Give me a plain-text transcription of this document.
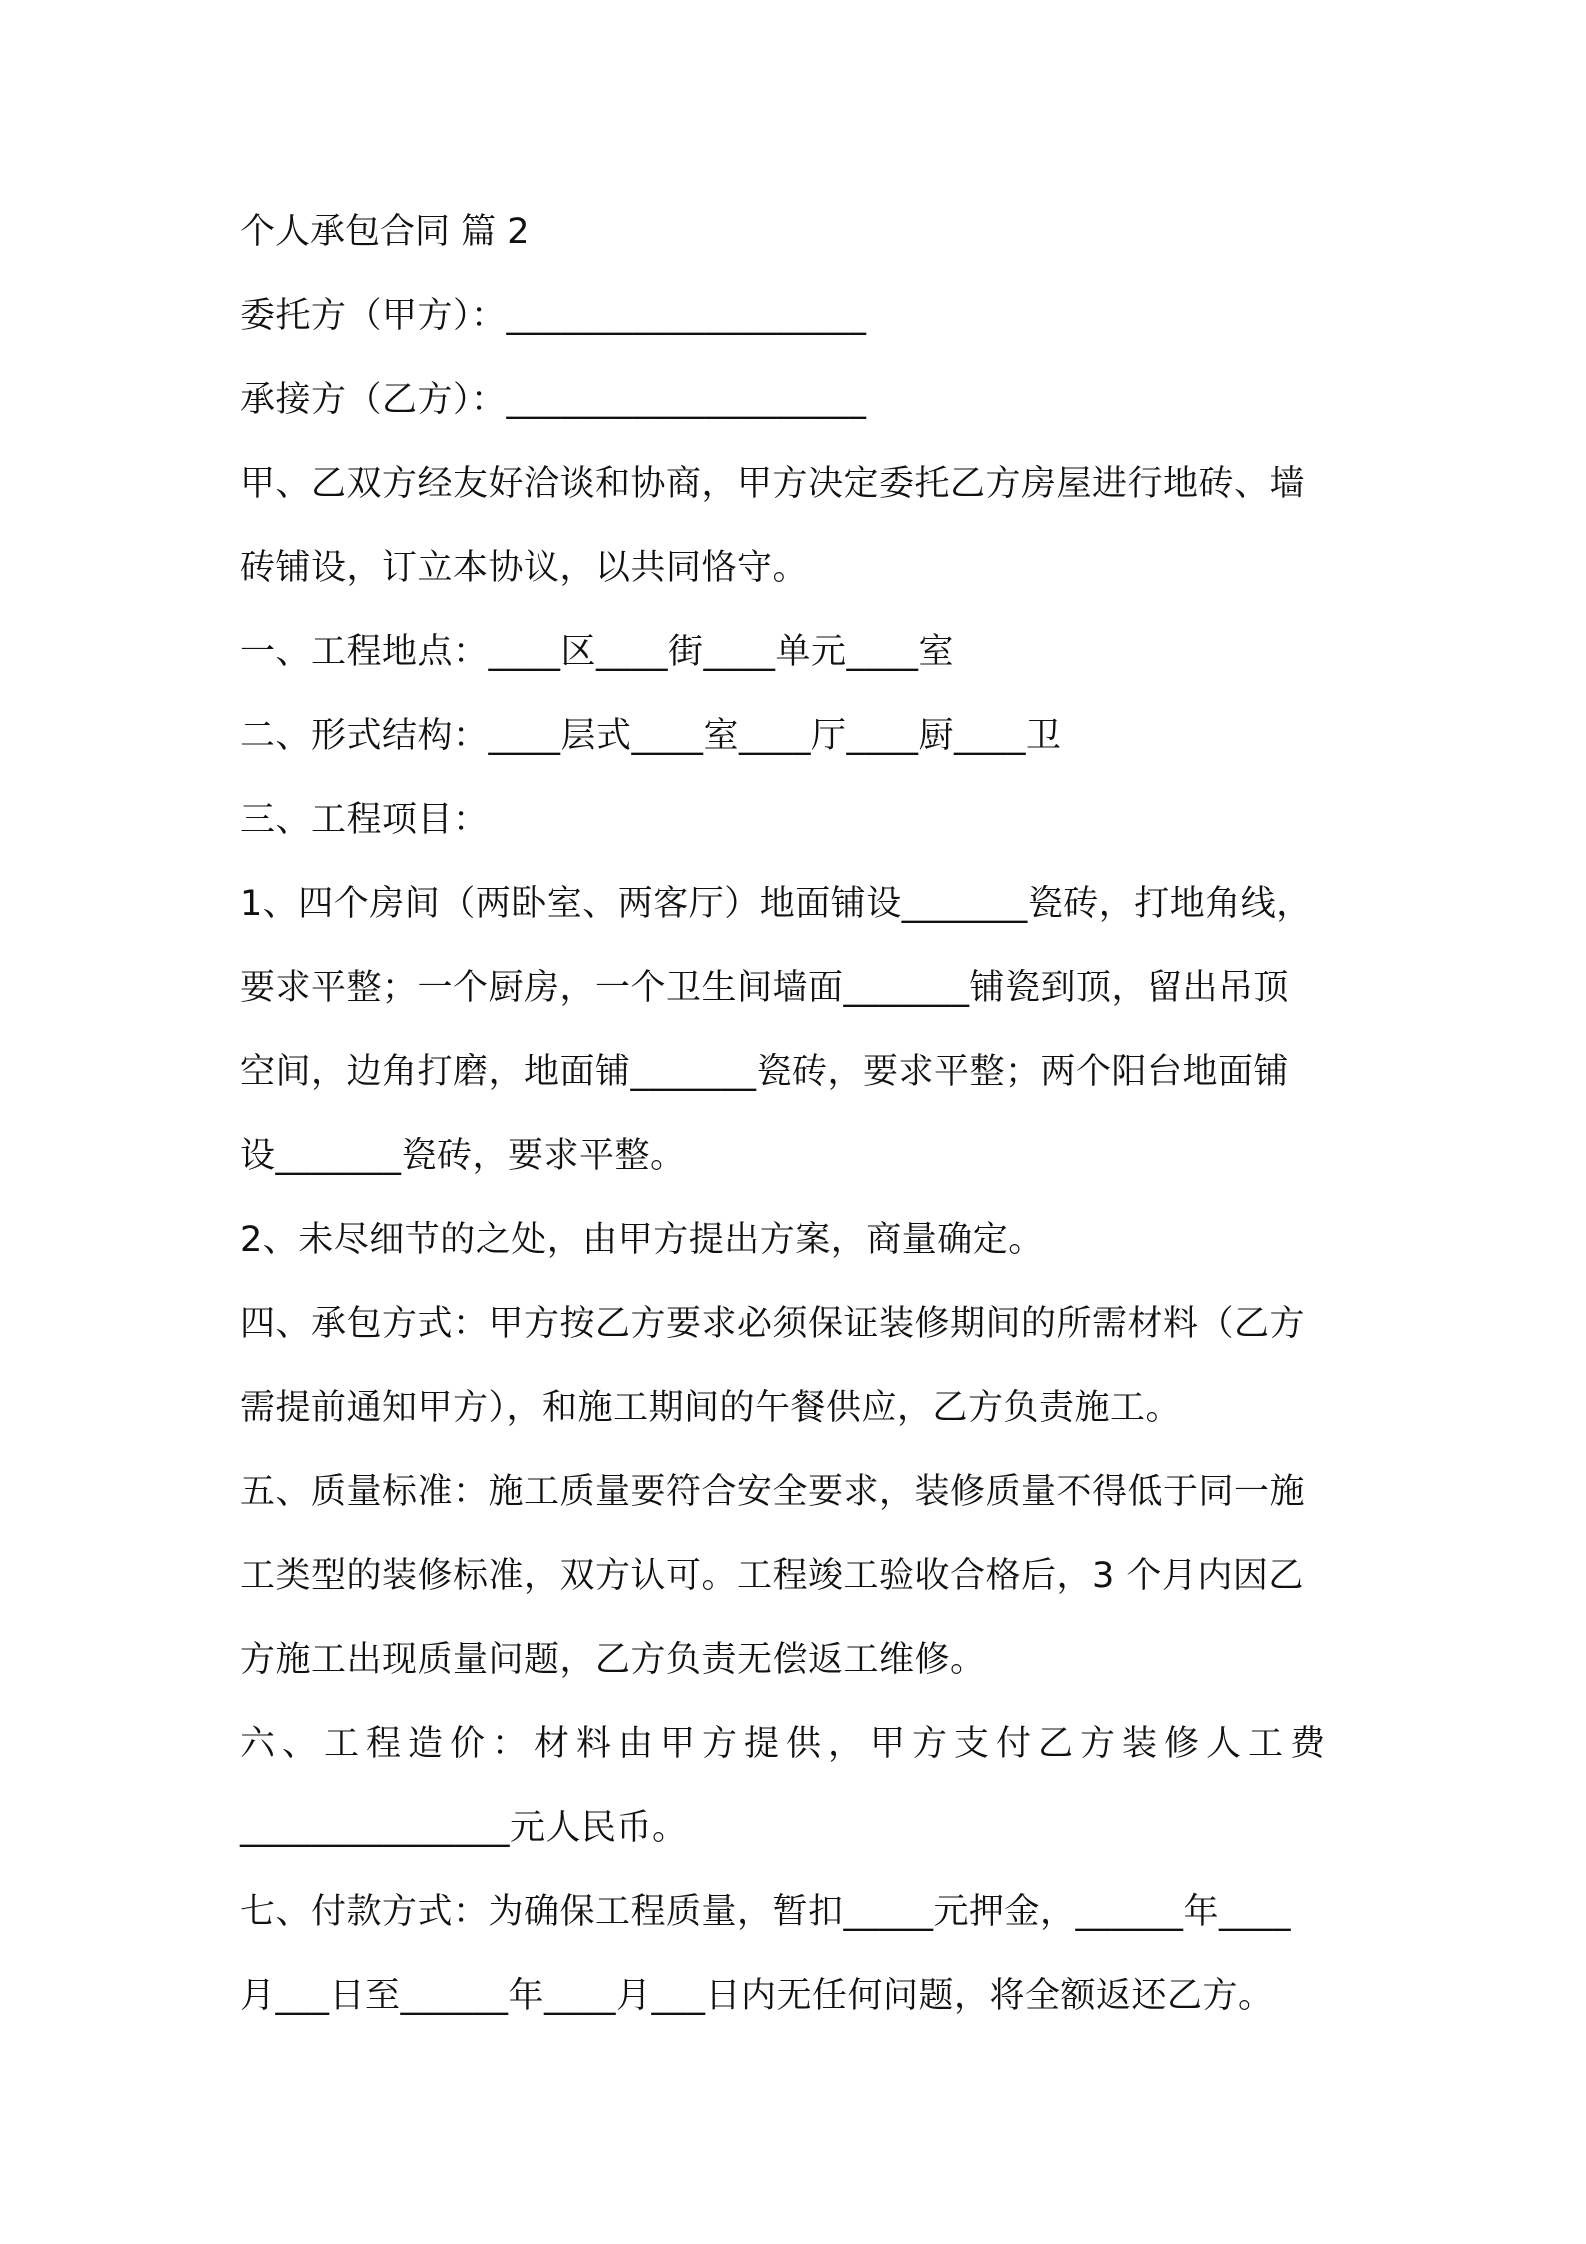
个人承包合同 篇 2
委托方（甲方）：____________________
承接方（乙方）：____________________
甲、乙双方经友好洽谈和协商，甲方决定委托乙方房屋进行地砖、墙
砖铺设，订立本协议，以共同恪守。
一、工程地点：____区____街____单元____室
二、形式结构：____层式____室____厅____厨____卫
三、工程项目：
1、四个房间（两卧室、两客厅）地面铺设_______瓷砖，打地角线，
要求平整；一个厨房，一个卫生间墙面_______铺瓷到顶，留出吊顶
空间，边角打磨，地面铺_______瓷砖，要求平整；两个阳台地面铺
设_______瓷砖，要求平整。
2、未尽细节的之处，由甲方提出方案，商量确定。
四、承包方式：甲方按乙方要求必须保证装修期间的所需材料（乙方
需提前通知甲方），和施工期间的午餐供应，乙方负责施工。
五、质量标准：施工质量要符合安全要求，装修质量不得低于同一施
工类型的装修标准，双方认可。工程竣工验收合格后，3 个月内因乙
方施工出现质量问题，乙方负责无偿返工维修。
六、工程造价：材料由甲方提供，甲方支付乙方装修人工费
_______________元人民币。
七、付款方式：为确保工程质量，暂扣_____元押金，______年____
月___日至______年____月___日内无任何问题，将全额返还乙方。
